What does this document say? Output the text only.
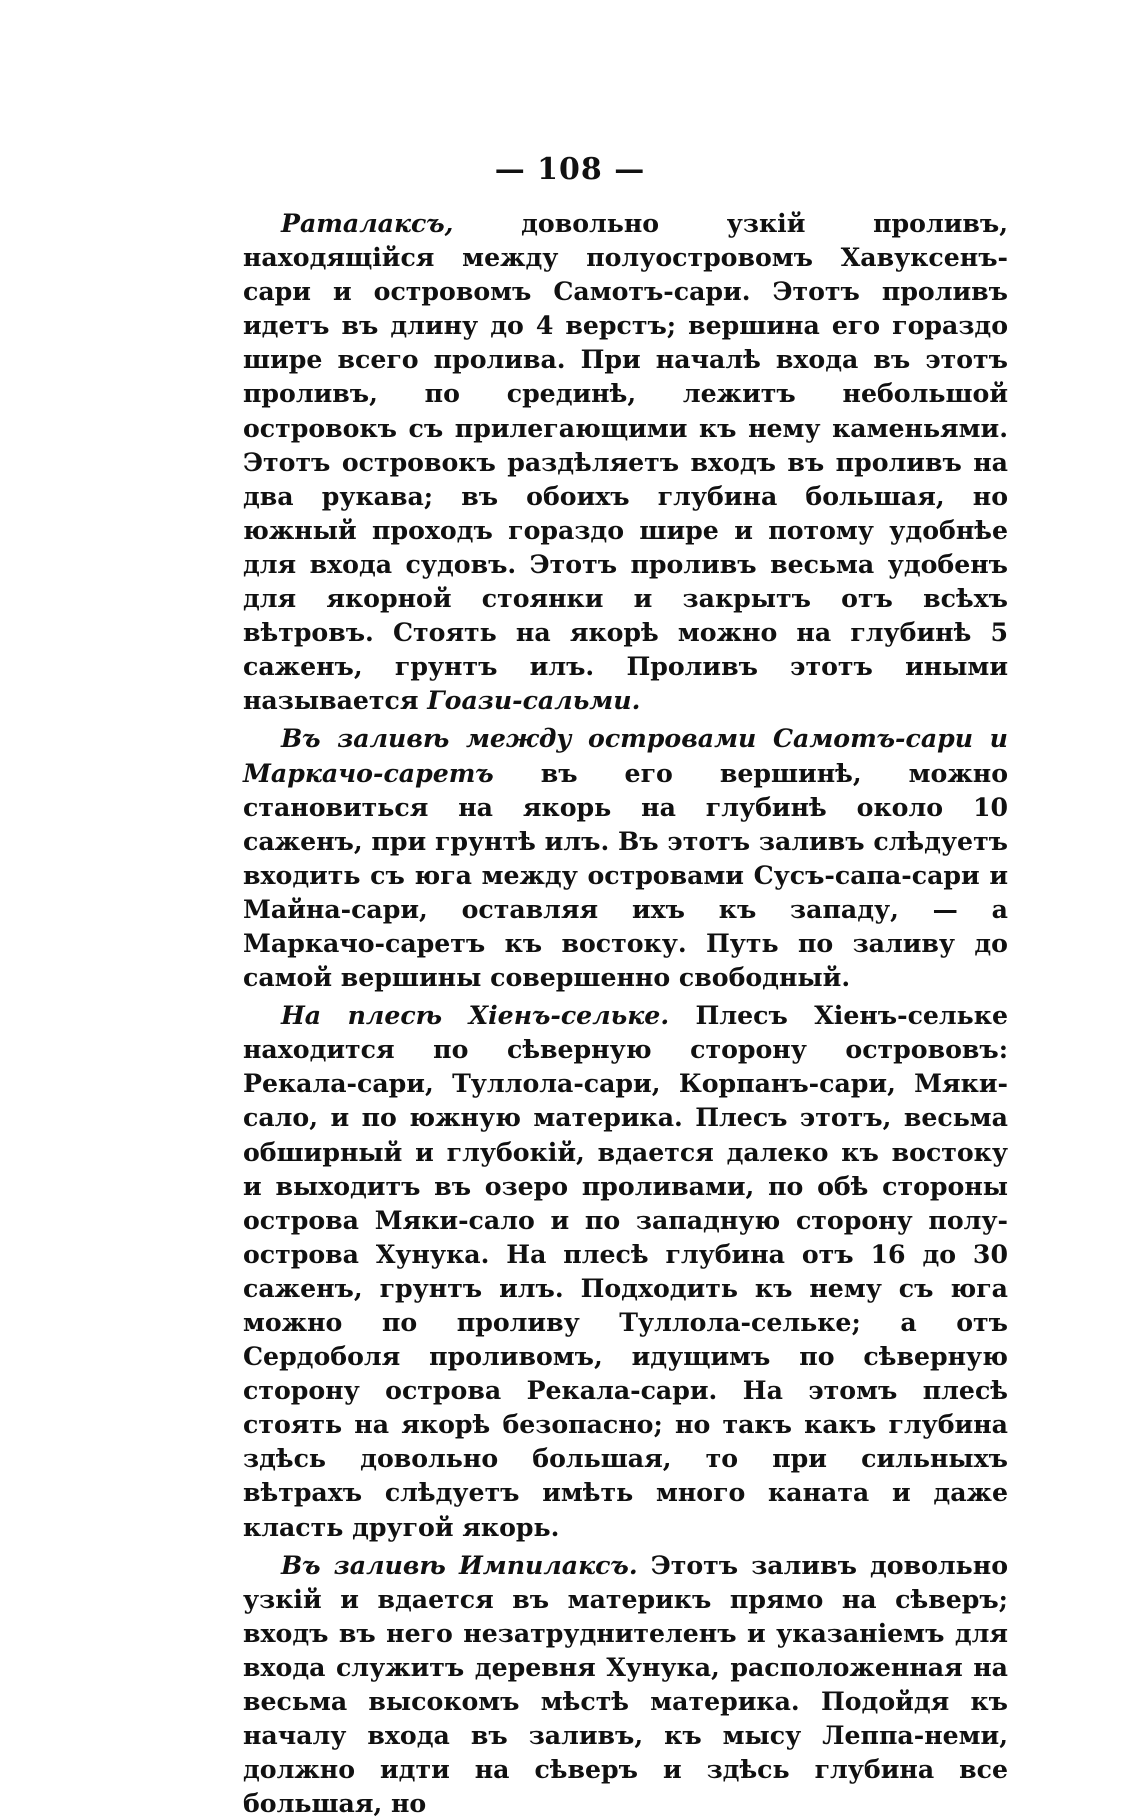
— 108 —

Раталаксъ, довольно узкій проливъ, находящійся между полуостровомъ Хавуксенъ-сари и островомъ Самотъ-сари. Этотъ проливъ идетъ въ длину до 4 верстъ; вершина его гораздо шире всего пролива. При началѣ входа въ этотъ проливъ, по срединѣ, лежитъ небольшой островокъ съ прилегающими къ нему каменьями. Этотъ островокъ раздѣляетъ входъ въ проливъ на два рукава; въ обоихъ глубина большая, но южный проходъ гораздо шире и потому удобнѣе для входа судовъ. Этотъ проливъ весьма удобенъ для якорной стоянки и закрытъ отъ всѣхъ вѣтровъ. Стоять на якорѣ можно на глубинѣ 5 саженъ, грунтъ илъ. Проливъ этотъ иными называется Гоази-сальми.

Въ заливѣ между островами Самотъ-сари и Маркачо-саретъ въ его вершинѣ, можно становиться на якорь на глубинѣ около 10 саженъ, при грунтѣ илъ. Въ этотъ заливъ слѣдуетъ входить съ юга между островами Сусъ-сапа-сари и Майна-сари, оставляя ихъ къ западу, — а Маркачо-саретъ къ востоку. Путь по заливу до самой вершины совершенно свободный.

На плесѣ Хіенъ-сельке. Плесъ Хіенъ-сельке находится по сѣверную сторону острововъ: Рекала-сари, Туллола-сари, Корпанъ-сари, Мяки-сало, и по южную материка. Плесъ этотъ, весьма обширный и глубокій, вдается далеко къ востоку и выходитъ въ озеро проливами, по обѣ стороны острова Мяки-сало и по западную сторону полу-острова Хунука. На плесѣ глубина отъ 16 до 30 саженъ, грунтъ илъ. Подходить къ нему съ юга можно по проливу Туллола-сельке; а отъ Сердоболя проливомъ, идущимъ по сѣверную сторону острова Рекала-сари. На этомъ плесѣ стоять на якорѣ безопасно; но такъ какъ глубина здѣсь довольно большая, то при сильныхъ вѣтрахъ слѣдуетъ имѣть много каната и даже класть другой якорь.

Въ заливѣ Импилаксъ. Этотъ заливъ довольно узкій и вдается въ материкъ прямо на сѣверъ; входъ въ него незатруднителенъ и указаніемъ для входа служитъ деревня Хунука, расположенная на весьма высокомъ мѣстѣ материка. Подойдя къ началу входа въ заливъ, къ мысу Леппа-неми, должно идти на сѣверъ и здѣсь глубина все большая, но
